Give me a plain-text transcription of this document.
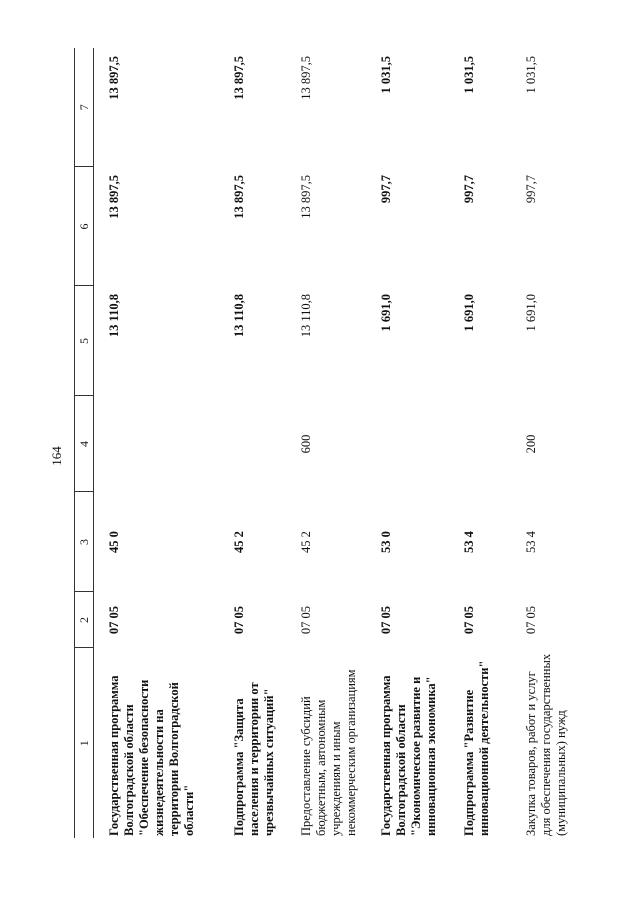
164
1	2	3	4	5	6	7
Государственная программа Волгоградской области "Обеспечение безопасности жизнедеятельности на территории Волгоградской области"	07 05	45 0		13 110,8	13 897,5	13 897,5
Подпрограмма "Защита населения и территории от чрезвычайных ситуаций"	07 05	45 2		13 110,8	13 897,5	13 897,5
Предоставление субсидий бюджетным, автономным учреждениям и иным некоммерческим организациям	07 05	45 2	600	13 110,8	13 897,5	13 897,5
Государственная программа Волгоградской области "Экономическое развитие и инновационная экономика"	07 05	53 0		1 691,0	997,7	1 031,5
Подпрограмма "Развитие инновационной деятельности"	07 05	53 4		1 691,0	997,7	1 031,5
Закупка товаров, работ и услуг для обеспечения государственных (муниципальных) нужд	07 05	53 4	200	1 691,0	997,7	1 031,5
